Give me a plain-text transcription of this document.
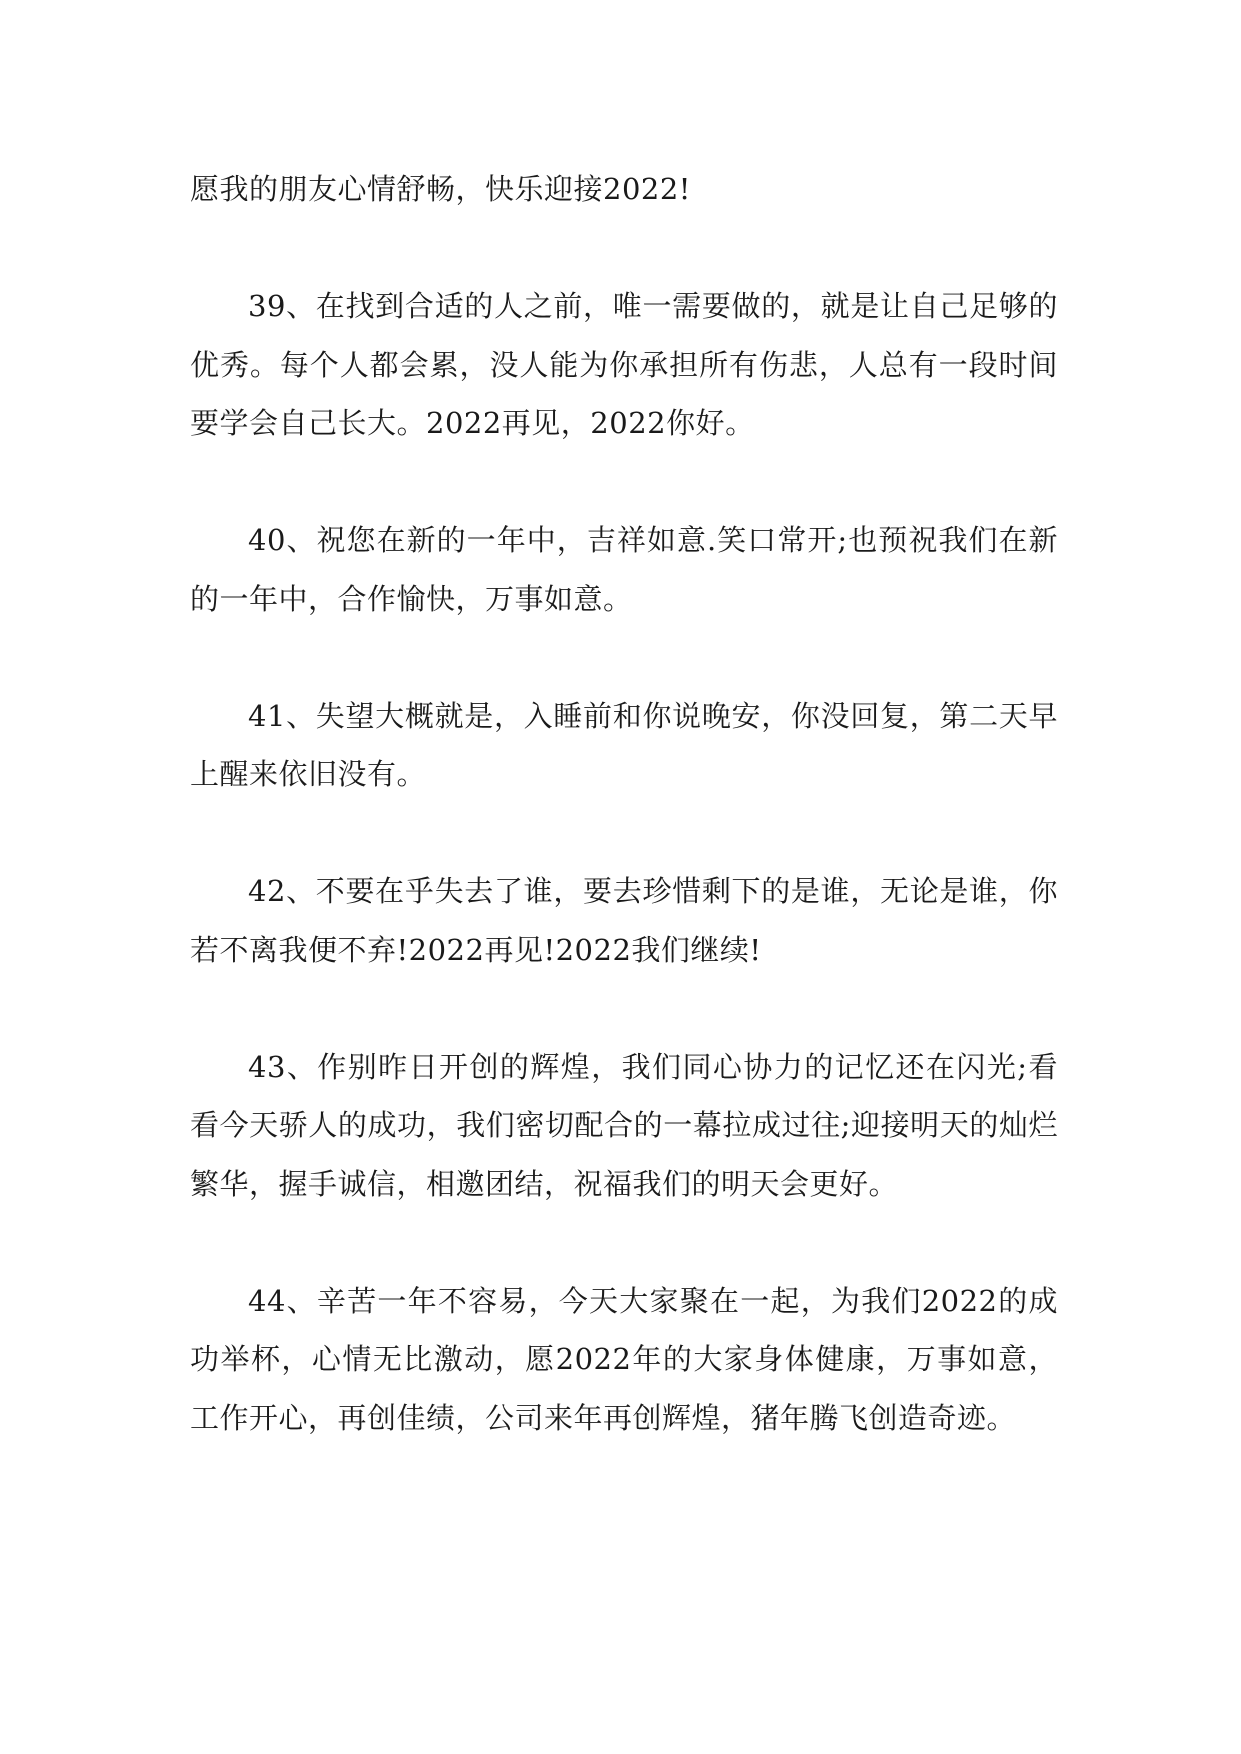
愿我的朋友心情舒畅，快乐迎接2022!

39、在找到合适的人之前，唯一需要做的，就是让自己足够的优秀。每个人都会累，没人能为你承担所有伤悲，人总有一段时间要学会自己长大。2022再见，2022你好。

40、祝您在新的一年中，吉祥如意.笑口常开;也预祝我们在新的一年中，合作愉快，万事如意。

41、失望大概就是，入睡前和你说晚安，你没回复，第二天早上醒来依旧没有。

42、不要在乎失去了谁，要去珍惜剩下的是谁，无论是谁，你若不离我便不弃!2022再见!2022我们继续!

43、作别昨日开创的辉煌，我们同心协力的记忆还在闪光;看看今天骄人的成功，我们密切配合的一幕拉成过往;迎接明天的灿烂繁华，握手诚信，相邀团结，祝福我们的明天会更好。

44、辛苦一年不容易，今天大家聚在一起，为我们2022的成功举杯，心情无比激动，愿2022年的大家身体健康，万事如意，工作开心，再创佳绩，公司来年再创辉煌，猪年腾飞创造奇迹。
